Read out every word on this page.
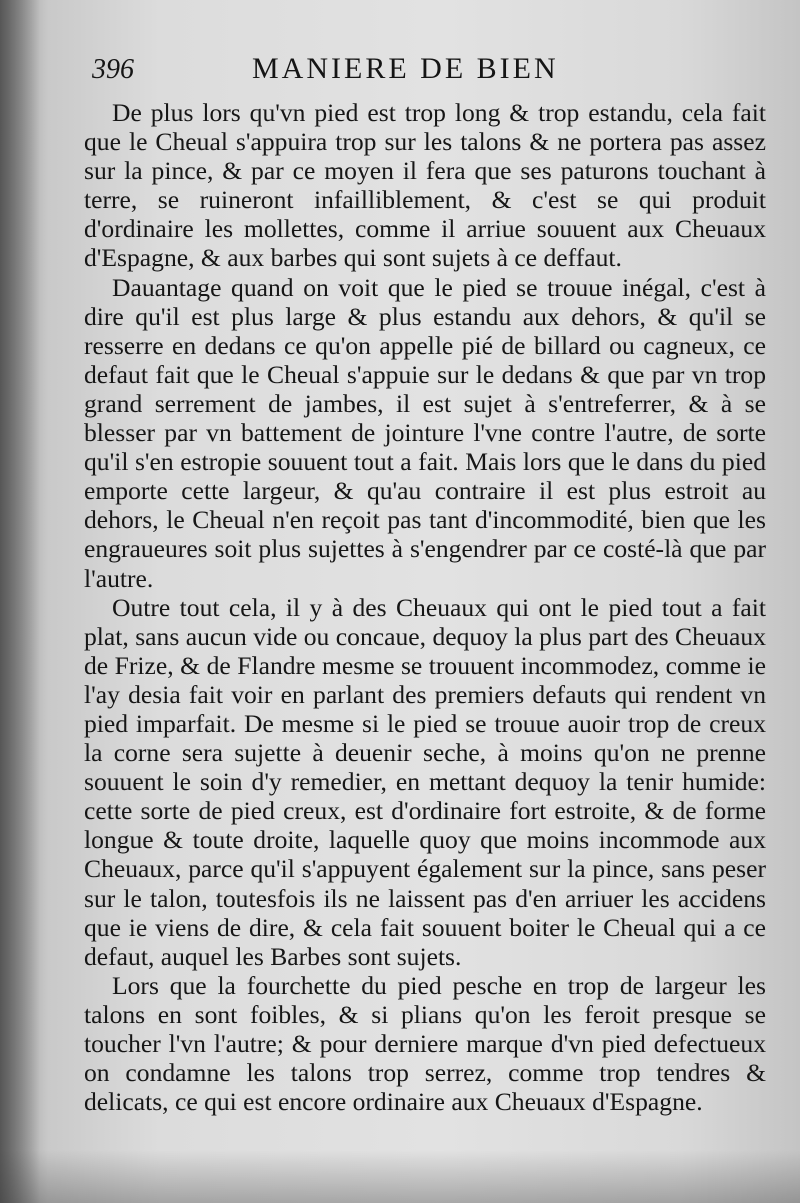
396	MANIERE DE BIEN

De plus lors qu'vn pied est trop long & trop estandu, cela fait que le Cheual s'appuira trop sur les talons & ne portera pas assez sur la pince, & par ce moyen il fera que ses paturons touchant à terre, se ruineront infailliblement, & c'est se qui produit d'ordinaire les mollettes, comme il arriue souuent aux Cheuaux d'Espagne, & aux barbes qui sont sujets à ce deffaut.

Dauantage quand on voit que le pied se trouue inégal, c'est à dire qu'il est plus large & plus estandu aux dehors, & qu'il se resserre en dedans ce qu'on appelle pié de billard ou cagneux, ce defaut fait que le Cheual s'appuie sur le dedans & que par vn trop grand serrement de jambes, il est sujet à s'entreferrer, & à se blesser par vn battement de jointure l'vne contre l'autre, de sorte qu'il s'en estropie souuent tout a fait. Mais lors que le dans du pied emporte cette largeur, & qu'au contraire il est plus estroit au dehors, le Cheual n'en reçoit pas tant d'incommodité, bien que les engraueures soit plus sujettes à s'engendrer par ce costé-là que par l'autre.

Outre tout cela, il y à des Cheuaux qui ont le pied tout a fait plat, sans aucun vide ou concaue, dequoy la plus part des Cheuaux de Frize, & de Flandre mesme se trouuent incommodez, comme ie l'ay desia fait voir en parlant des premiers defauts qui rendent vn pied imparfait. De mesme si le pied se trouue auoir trop de creux la corne sera sujette à deuenir seche, à moins qu'on ne prenne souuent le soin d'y remedier, en mettant dequoy la tenir humide: cette sorte de pied creux, est d'ordinaire fort estroite, & de forme longue & toute droite, laquelle quoy que moins incommode aux Cheuaux, parce qu'il s'appuyent également sur la pince, sans peser sur le talon, toutesfois ils ne laissent pas d'en arriuer les accidens que ie viens de dire, & cela fait souuent boiter le Cheual qui a ce defaut, auquel les Barbes sont sujets.

Lors que la fourchette du pied pesche en trop de largeur les talons en sont foibles, & si plians qu'on les feroit presque se toucher l'vn l'autre; & pour derniere marque d'vn pied defectueux on condamne les talons trop serrez, comme trop tendres & delicats, ce qui est encore ordinaire aux Cheuaux d'Espagne.
